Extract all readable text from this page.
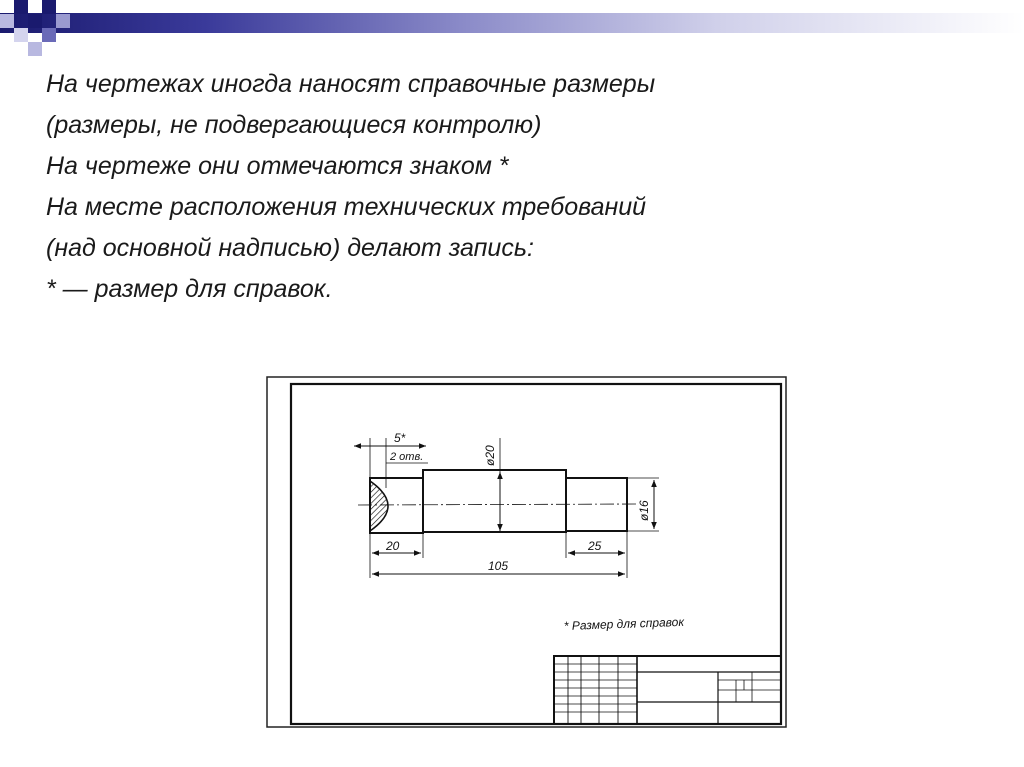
На чертежах иногда наносят справочные размеры
(размеры, не подвергающиеся контролю)
На чертеже они отмечаются знаком *
На месте расположения технических требований
(над основной надписью) делают запись:
* — размер для справок.
ø20
ø16
5*
2 отв.
20	25
105
* Размер для справок
